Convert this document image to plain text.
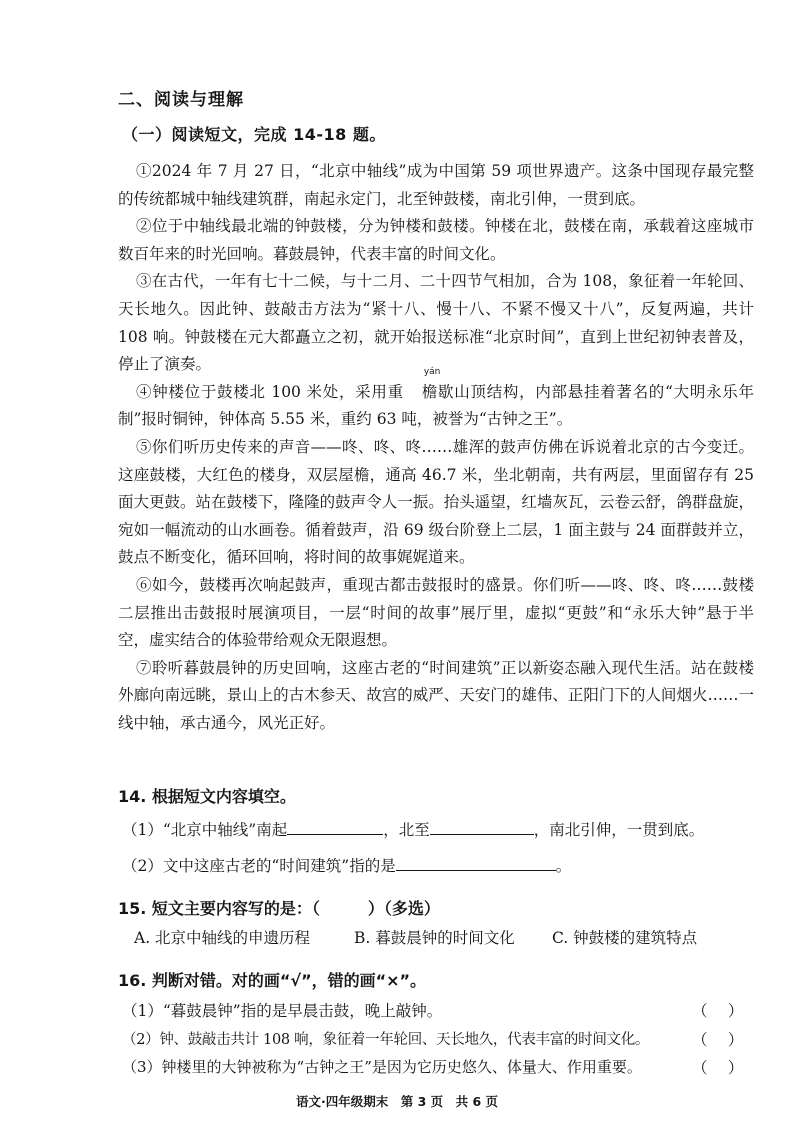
二、阅读与理解
（一）阅读短文，完成 14-18 题。

①2024 年 7 月 27 日，“北京中轴线”成为中国第 59 项世界遗产。这条中国现存最完整的传统都城中轴线建筑群，南起永定门，北至钟鼓楼，南北引伸，一贯到底。

②位于中轴线最北端的钟鼓楼，分为钟楼和鼓楼。钟楼在北，鼓楼在南，承载着这座城市数百年来的时光回响。暮鼓晨钟，代表丰富的时间文化。

③在古代，一年有七十二候，与十二月、二十四节气相加，合为 108，象征着一年轮回、天长地久。因此钟、鼓敲击方法为“紧十八、慢十八、不紧不慢又十八”，反复两遍，共计 108 响。钟鼓楼在元大都矗立之初，就开始报送标准“北京时间”，直到上世纪初钟表普及，停止了演奏。

④钟楼位于鼓楼北 100 米处，采用重
yán
檐歇山顶结构，内部悬挂着著名的“大明永乐年制”报时铜钟，钟体高 5.55 米，重约 63 吨，被誉为“古钟之王”。

⑤你们听历史传来的声音——咚、咚、咚……雄浑的鼓声仿佛在诉说着北京的古今变迁。这座鼓楼，大红色的楼身，双层屋檐，通高 46.7 米，坐北朝南，共有两层，里面留存有 25 面大更鼓。站在鼓楼下，隆隆的鼓声令人一振。抬头遥望，红墙灰瓦，云卷云舒，鸽群盘旋，宛如一幅流动的山水画卷。循着鼓声，沿 69 级台阶登上二层，1 面主鼓与 24 面群鼓并立，鼓点不断变化，循环回响，将时间的故事娓娓道来。

⑥如今，鼓楼再次响起鼓声，重现古都击鼓报时的盛景。你们听——咚、咚、咚……鼓楼二层推出击鼓报时展演项目，一层“时间的故事”展厅里，虚拟“更鼓”和“永乐大钟”悬于半空，虚实结合的体验带给观众无限遐想。

⑦聆听暮鼓晨钟的历史回响，这座古老的“时间建筑”正以新姿态融入现代生活。站在鼓楼外廊向南远眺，景山上的古木参天、故宫的威严、天安门的雄伟、正阳门下的人间烟火……一线中轴，承古通今，风光正好。

14. 根据短文内容填空。
（1）“北京中轴线”南起	，北至	，南北引伸，一贯到底。
（2）文中这座古老的“时间建筑”指的是	。
15. 短文主要内容写的是：（　　　）（多选）
A. 北京中轴线的申遗历程	B. 暮鼓晨钟的时间文化 C. 钟鼓楼的建筑特点
16. 判断对错。对的画“√”，错的画“×”。
（1）“暮鼓晨钟”指的是早晨击鼓，晚上敲钟。	（　 ）
（2）钟、鼓敲击共计 108 响，象征着一年轮回、天长地久，代表丰富的时间文化。	（　 ）
（3）钟楼里的大钟被称为“古钟之王”是因为它历史悠久、体量大、作用重要。	（　 ）
语文·四年级期末　第 3 页　共 6 页
